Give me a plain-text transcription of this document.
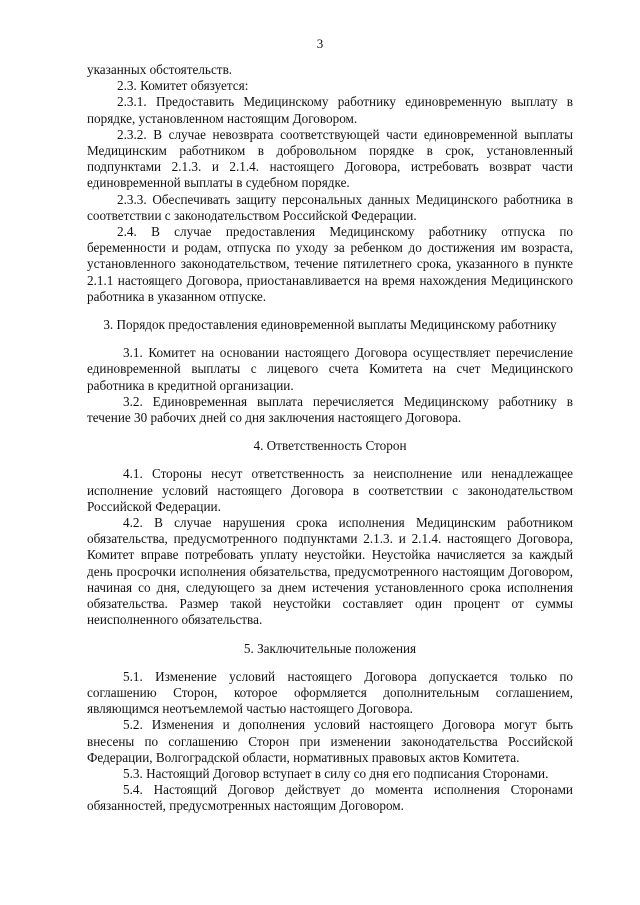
3

указанных обстоятельств.

2.3. Комитет обязуется:

2.3.1. Предоставить Медицинскому работнику единовременную выплату в порядке, установленном настоящим Договором.

2.3.2. В случае невозврата соответствующей части единовременной выплаты Медицинским работником в добровольном порядке в срок, установленный подпунктами 2.1.3. и 2.1.4. настоящего Договора, истребовать возврат части единовременной выплаты в судебном порядке.

2.3.3. Обеспечивать защиту персональных данных Медицинского работника в соответствии с законодательством Российской Федерации.

2.4. В случае предоставления Медицинскому работнику отпуска по беременности и родам, отпуска по уходу за ребенком до достижения им возраста, установленного законодательством, течение пятилетнего срока, указанного в пункте 2.1.1 настоящего Договора, приостанавливается на время нахождения Медицинского работника в указанном отпуске.

3. Порядок предоставления единовременной выплаты Медицинскому работнику

3.1. Комитет на основании настоящего Договора осуществляет перечисление единовременной выплаты с лицевого счета Комитета на счет Медицинского работника в кредитной организации.

3.2. Единовременная выплата перечисляется Медицинскому работнику в течение 30 рабочих дней со дня заключения настоящего Договора.

4. Ответственность Сторон

4.1. Стороны несут ответственность за неисполнение или ненадлежащее исполнение условий настоящего Договора в соответствии с законодательством Российской Федерации.

4.2. В случае нарушения срока исполнения Медицинским работником обязательства, предусмотренного подпунктами 2.1.3. и 2.1.4. настоящего Договора, Комитет вправе потребовать уплату неустойки. Неустойка начисляется за каждый день просрочки исполнения обязательства, предусмотренного настоящим Договором, начиная со дня, следующего за днем истечения установленного срока исполнения обязательства. Размер такой неустойки составляет один процент от суммы неисполненного обязательства.

5. Заключительные положения

5.1. Изменение условий настоящего Договора допускается только по соглашению Сторон, которое оформляется дополнительным соглашением, являющимся неотъемлемой частью настоящего Договора.

5.2. Изменения и дополнения условий настоящего Договора могут быть внесены по соглашению Сторон при изменении законодательства Российской Федерации, Волгоградской области, нормативных правовых актов Комитета.

5.3. Настоящий Договор вступает в силу со дня его подписания Сторонами.

5.4. Настоящий Договор действует до момента исполнения Сторонами обязанностей, предусмотренных настоящим Договором.
